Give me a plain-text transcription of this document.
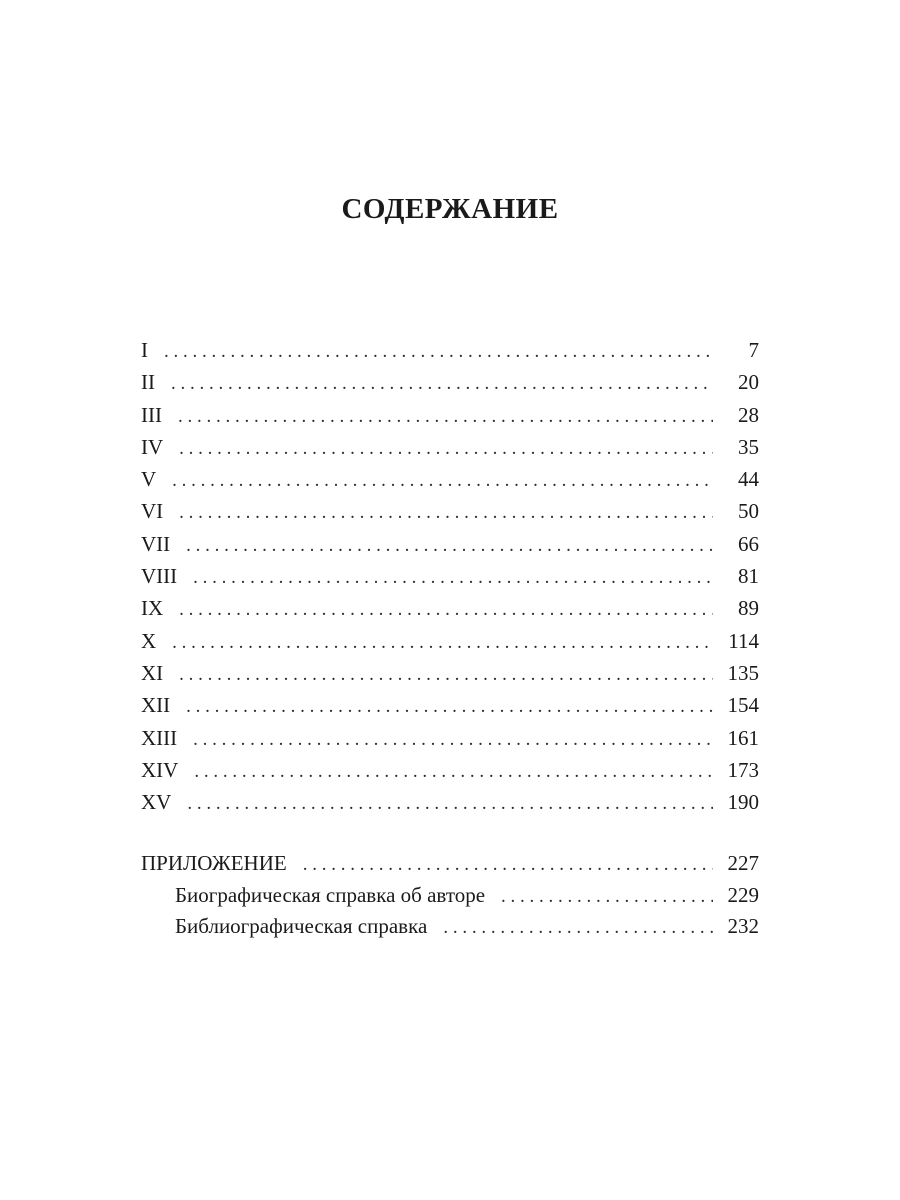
СОДЕРЖАНИЕ
I . . .	7
II . . .	20
III . . .	28
IV . . .	35
V . . .	44
VI . . .	50
VII . . .	66
VIII . . .	81
IX . . .	89
X . . .	114
XI . . .	135
XII . . .	154
XIII . . .	161
XIV . . .	173
XV . . .	190
ПРИЛОЖЕНИЕ . . .	227
Биографическая справка об авторе . . .	229
Библиографическая справка . . .	232
